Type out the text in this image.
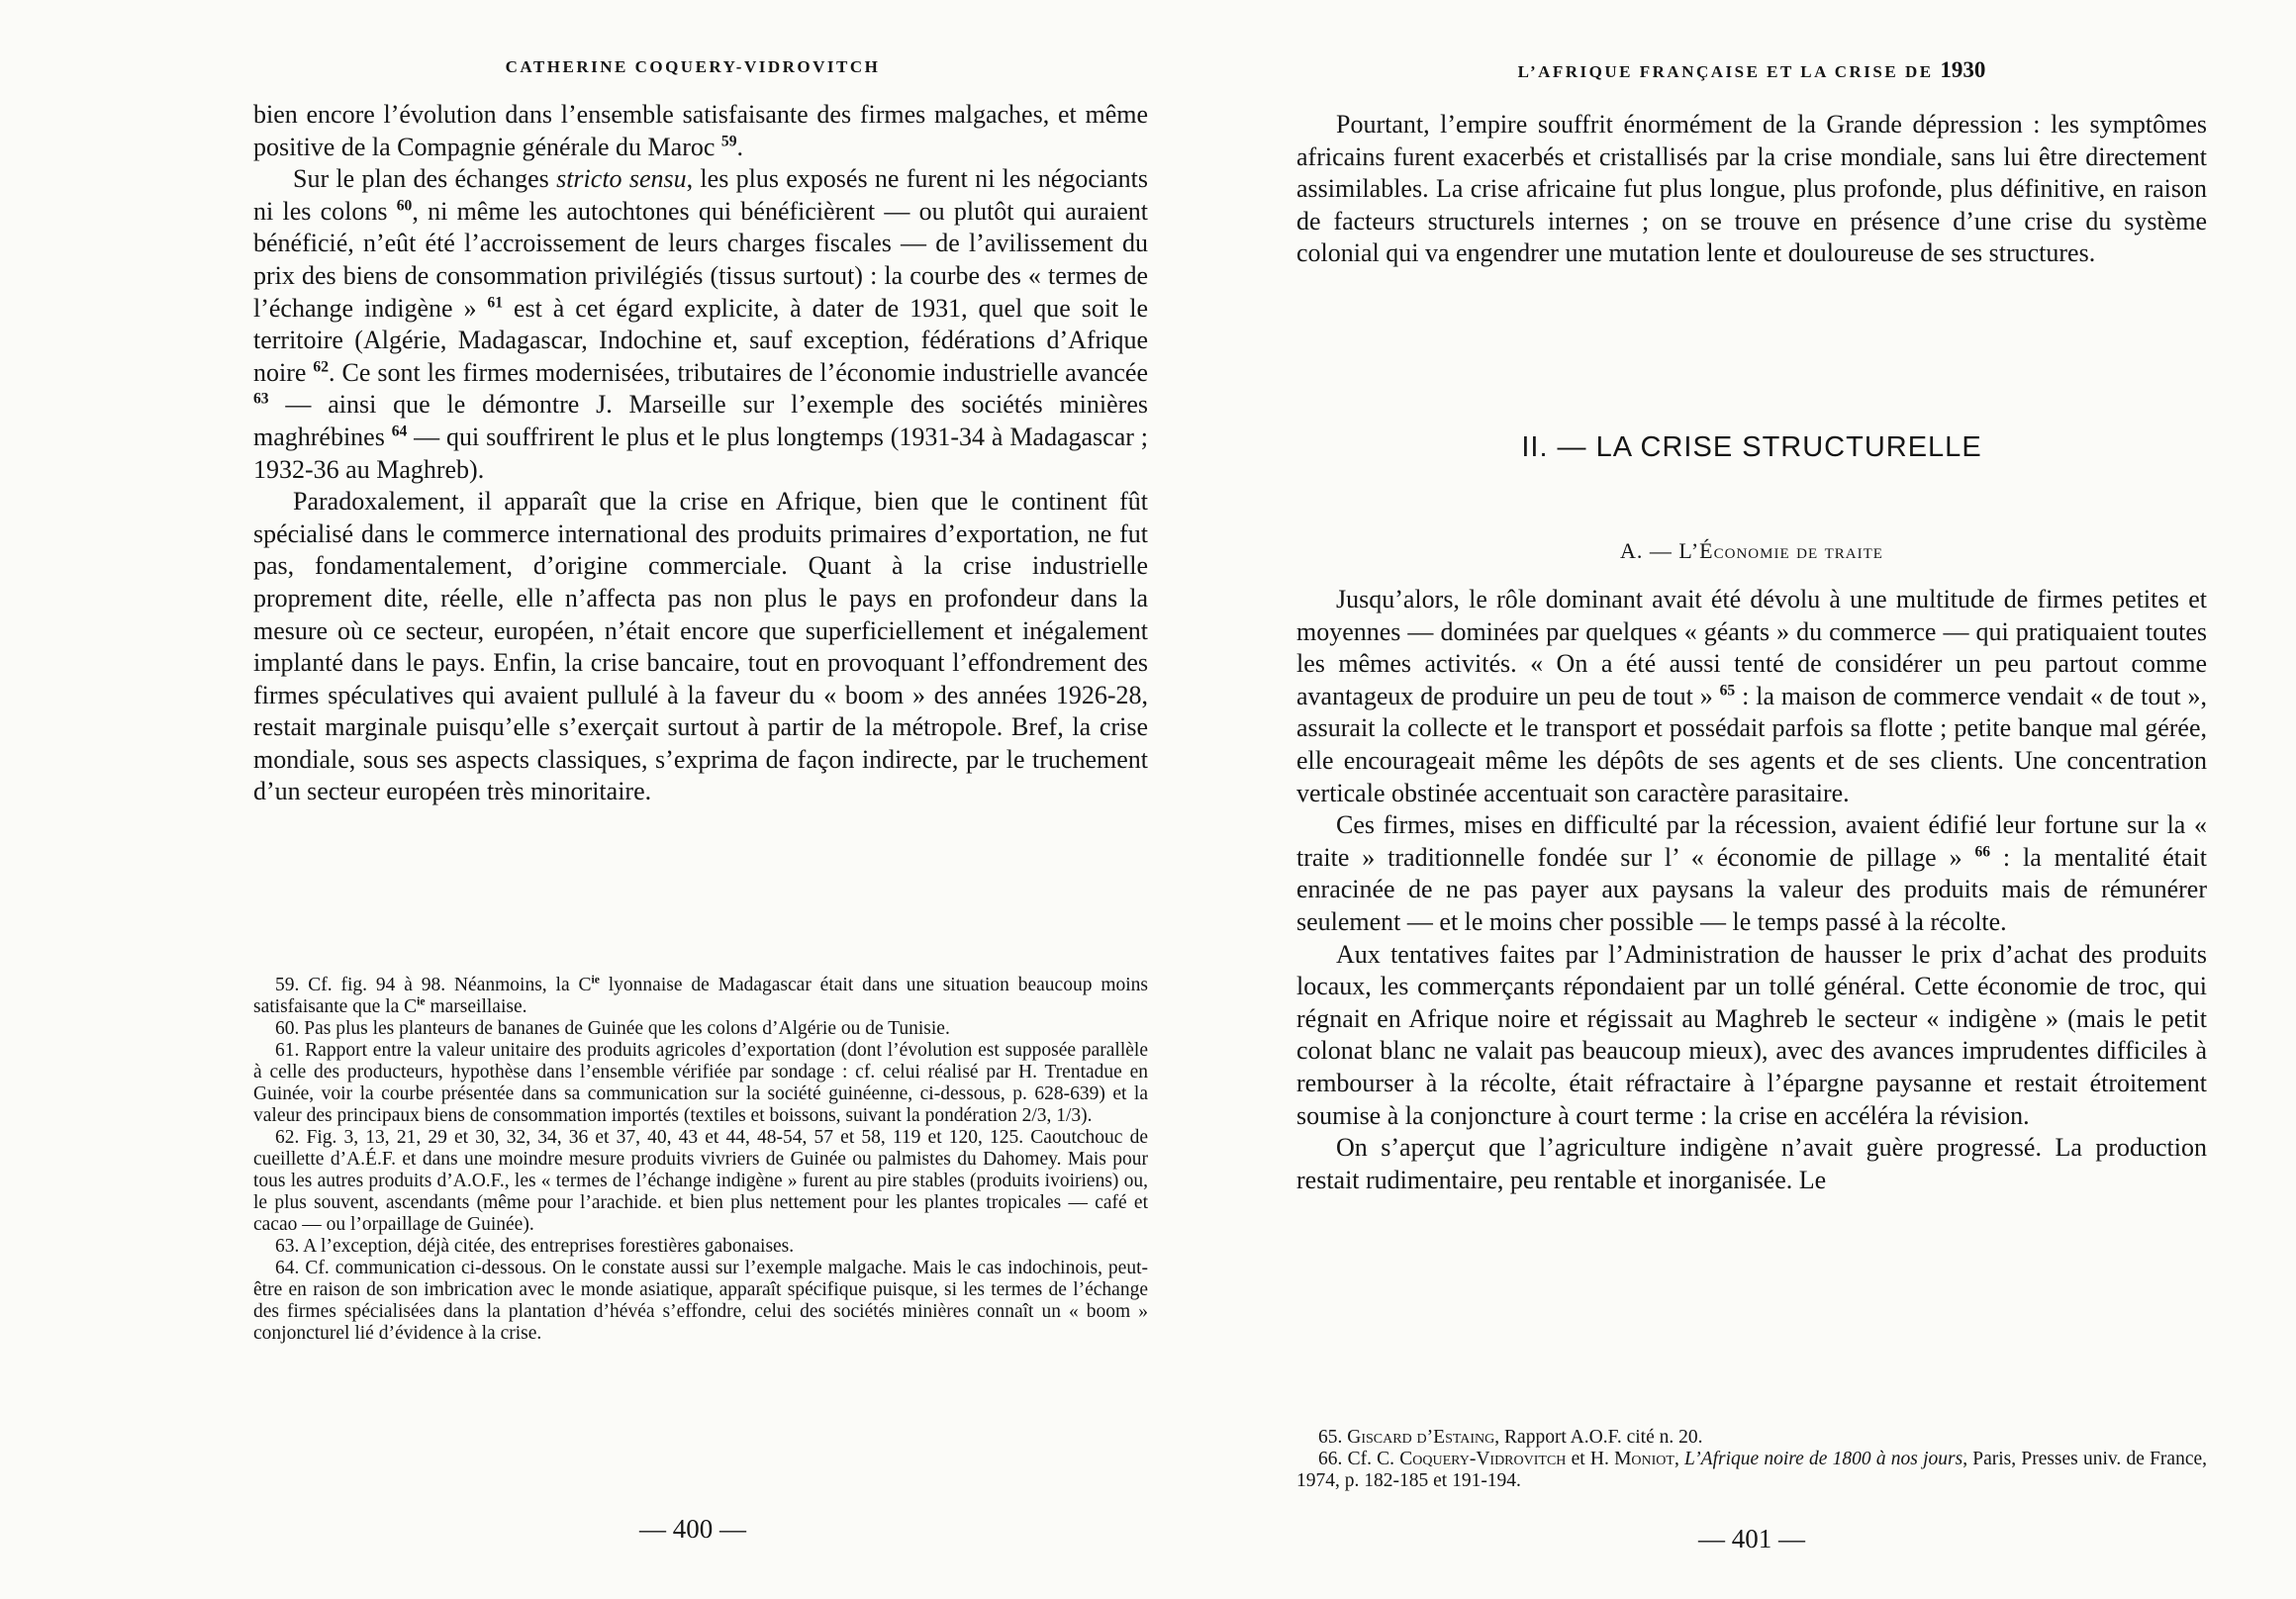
CATHERINE COQUERY-VIDROVITCH

bien encore l’évolution dans l’ensemble satisfaisante des firmes malgaches, et même positive de la Compagnie générale du Maroc $^{59}$.

Sur le plan des échanges stricto sensu, les plus exposés ne furent ni les négociants ni les colons $^{60}$, ni même les autochtones qui bénéficièrent — ou plutôt qui auraient bénéficié, n’eût été l’accroissement de leurs charges fiscales — de l’avilissement du prix des biens de consommation privilégiés (tissus surtout) : la courbe des « termes de l’échange indigène » $^{61}$ est à cet égard explicite, à dater de 1931, quel que soit le territoire (Algérie, Madagascar, Indochine et, sauf exception, fédérations d’Afrique noire $^{62}$. Ce sont les firmes modernisées, tributaires de l’économie industrielle avancée $^{63}$ — ainsi que le démontre J. Marseille sur l’exemple des sociétés minières maghrébines $^{64}$ — qui souffrirent le plus et le plus longtemps (1931-34 à Madagascar ; 1932-36 au Maghreb).

Paradoxalement, il apparaît que la crise en Afrique, bien que le continent fût spécialisé dans le commerce international des produits primaires d’exportation, ne fut pas, fondamentalement, d’origine commerciale. Quant à la crise industrielle proprement dite, réelle, elle n’affecta pas non plus le pays en profondeur dans la mesure où ce secteur, européen, n’était encore que superficiellement et inégalement implanté dans le pays. Enfin, la crise bancaire, tout en provoquant l’effondrement des firmes spéculatives qui avaient pullulé à la faveur du « boom » des années 1926-28, restait marginale puisqu’elle s’exerçait surtout à partir de la métropole. Bref, la crise mondiale, sous ses aspects classiques, s’exprima de façon indirecte, par le truchement d’un secteur européen très minoritaire.

59. Cf. fig. 94 à 98. Néanmoins, la $C^{ie}$ lyonnaise de Madagascar était dans une situation beaucoup moins satisfaisante que la $C^{ie}$ marseillaise.

60. Pas plus les planteurs de bananes de Guinée que les colons d’Algérie ou de Tunisie.

61. Rapport entre la valeur unitaire des produits agricoles d’exportation (dont l’évolution est supposée parallèle à celle des producteurs, hypothèse dans l’ensemble vérifiée par sondage : cf. celui réalisé par H. Trentadue en Guinée, voir la courbe présentée dans sa communication sur la société guinéenne, ci-dessous, p. 628-639) et la valeur des principaux biens de consommation importés (textiles et boissons, suivant la pondération 2/3, 1/3).

62. Fig. 3, 13, 21, 29 et 30, 32, 34, 36 et 37, 40, 43 et 44, 48-54, 57 et 58, 119 et 120, 125. Caoutchouc de cueillette d’A.É.F. et dans une moindre mesure produits vivriers de Guinée ou palmistes du Dahomey. Mais pour tous les autres produits d’A.O.F., les « termes de l’échange indigène » furent au pire stables (produits ivoiriens) ou, le plus souvent, ascendants (même pour l’arachide. et bien plus nettement pour les plantes tropicales — café et cacao — ou l’orpaillage de Guinée).

63. A l’exception, déjà citée, des entreprises forestières gabonaises.

64. Cf. communication ci-dessous. On le constate aussi sur l’exemple malgache. Mais le cas indochinois, peut-être en raison de son imbrication avec le monde asiatique, apparaît spécifique puisque, si les termes de l’échange des firmes spécialisées dans la plantation d’hévéa s’effondre, celui des sociétés minières connaît un « boom » conjoncturel lié d’évidence à la crise.

— 400 —
L’AFRIQUE FRANÇAISE ET LA CRISE DE 1930

Pourtant, l’empire souffrit énormément de la Grande dépression : les symptômes africains furent exacerbés et cristallisés par la crise mondiale, sans lui être directement assimilables. La crise africaine fut plus longue, plus profonde, plus définitive, en raison de facteurs structurels internes ; on se trouve en présence d’une crise du système colonial qui va engendrer une mutation lente et douloureuse de ses structures.

II. — LA CRISE STRUCTURELLE
A. — L’Économie de traite

Jusqu’alors, le rôle dominant avait été dévolu à une multitude de firmes petites et moyennes — dominées par quelques « géants » du commerce — qui pratiquaient toutes les mêmes activités. « On a été aussi tenté de considérer un peu partout comme avantageux de produire un peu de tout » $^{65}$ : la maison de commerce vendait « de tout », assurait la collecte et le transport et possédait parfois sa flotte ; petite banque mal gérée, elle encourageait même les dépôts de ses agents et de ses clients. Une concentration verticale obstinée accentuait son caractère parasitaire.

Ces firmes, mises en difficulté par la récession, avaient édifié leur fortune sur la « traite » traditionnelle fondée sur l’ « économie de pillage » $^{66}$ : la mentalité était enracinée de ne pas payer aux paysans la valeur des produits mais de rémunérer seulement — et le moins cher possible — le temps passé à la récolte.

Aux tentatives faites par l’Administration de hausser le prix d’achat des produits locaux, les commerçants répondaient par un tollé général. Cette économie de troc, qui régnait en Afrique noire et régissait au Maghreb le secteur « indigène » (mais le petit colonat blanc ne valait pas beaucoup mieux), avec des avances imprudentes difficiles à rembourser à la récolte, était réfractaire à l’épargne paysanne et restait étroitement soumise à la conjoncture à court terme : la crise en accéléra la révision.

On s’aperçut que l’agriculture indigène n’avait guère progressé. La production restait rudimentaire, peu rentable et inorganisée. Le

65. Giscard d’Estaing, Rapport A.O.F. cité n. 20.

66. Cf. C. Coquery-Vidrovitch et H. Moniot, L’Afrique noire de 1800 à nos jours, Paris, Presses univ. de France, 1974, p. 182-185 et 191-194.

— 401 —
